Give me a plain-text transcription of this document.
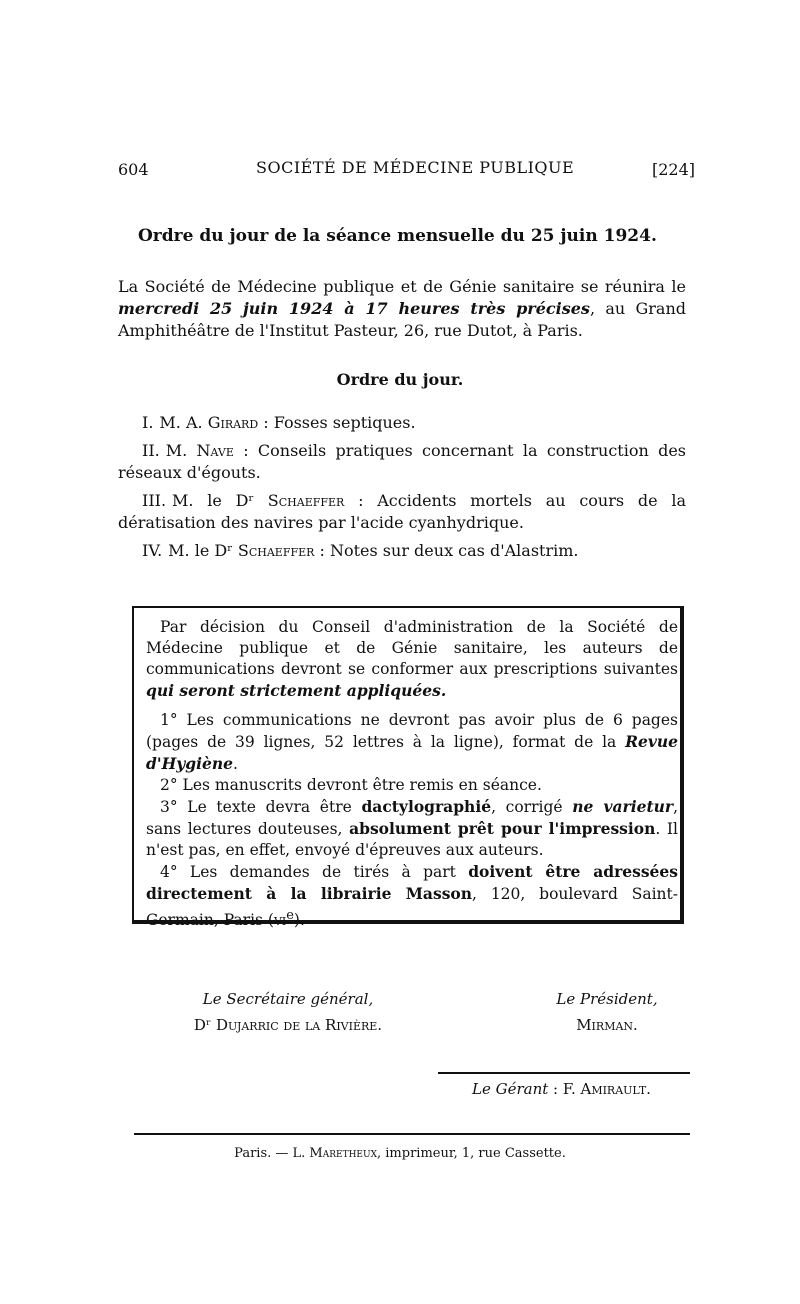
604	SOCIÉTÉ DE MÉDECINE PUBLIQUE	[224]
Ordre du jour de la séance mensuelle du 25 juin 1924.
La Société de Médecine publique et de Génie sanitaire se réunira le mercredi 25 juin 1924 à 17 heures très précises, au Grand Amphithéâtre de l'Institut Pasteur, 26, rue Dutot, à Paris.
Ordre du jour.

I. M. A. Girard : Fosses septiques.

II. M. Nave : Conseils pratiques concernant la construction des réseaux d'égouts.

III. M. le Dʳ Schaeffer : Accidents mortels au cours de la dératisation des navires par l'acide cyanhydrique.

IV. M. le Dʳ Schaeffer : Notes sur deux cas d'Alastrim.

Par décision du Conseil d'administration de la Société de Médecine publique et de Génie sanitaire, les auteurs de communications devront se conformer aux prescriptions suivantes qui seront strictement appliquées.

1° Les communications ne devront pas avoir plus de 6 pages (pages de 39 lignes, 52 lettres à la ligne), format de la Revue d'Hygiène.

2° Les manuscrits devront être remis en séance.

3° Le texte devra être dactylographié, corrigé ne varietur, sans lectures douteuses, absolument prêt pour l'impression. Il n'est pas, en effet, envoyé d'épreuves aux auteurs.

4° Les demandes de tirés à part doivent être adressées directement à la librairie Masson, 120, boulevard Saint-Germain, Paris $(vi^e)$.

Le Secrétaire général,
Dʳ Dujarric de la Rivière.
Le Président,
Mirman.
Le Gérant : F. Amirault.
Paris. — L. Maretheux, imprimeur, 1, rue Cassette.
